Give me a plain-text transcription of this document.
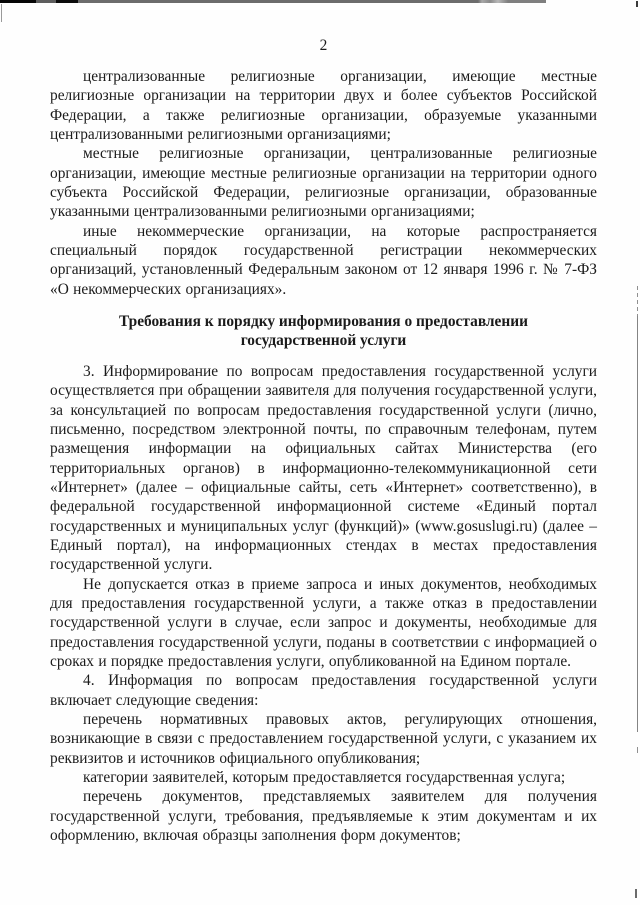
2

централизованные религиозные организации, имеющие местные религиозные организации на территории двух и более субъектов Российской Федерации, а также религиозные организации, образуемые указанными централизованными религиозными организациями;

местные религиозные организации, централизованные религиозные организации, имеющие местные религиозные организации на территории одного субъекта Российской Федерации, религиозные организации, образованные указанными централизованными религиозными организациями;

иные некоммерческие организации, на которые распространяется специальный порядок государственной регистрации некоммерческих организаций, установленный Федеральным законом от 12 января 1996 г. № 7-ФЗ «О некоммерческих организациях».

Требования к порядку информирования о предоставлении государственной услуги

3. Информирование по вопросам предоставления государственной услуги осуществляется при обращении заявителя для получения государственной услуги, за консультацией по вопросам предоставления государственной услуги (лично, письменно, посредством электронной почты, по справочным телефонам, путем размещения информации на официальных сайтах Министерства (его территориальных органов) в информационно-телекоммуникационной сети «Интернет» (далее – официальные сайты, сеть «Интернет» соответственно), в федеральной государственной информационной системе «Единый портал государственных и муниципальных услуг (функций)» (www.gosuslugi.ru) (далее – Единый портал), на информационных стендах в местах предоставления государственной услуги.

Не допускается отказ в приеме запроса и иных документов, необходимых для предоставления государственной услуги, а также отказ в предоставлении государственной услуги в случае, если запрос и документы, необходимые для предоставления государственной услуги, поданы в соответствии с информацией о сроках и порядке предоставления услуги, опубликованной на Едином портале.

4. Информация по вопросам предоставления государственной услуги включает следующие сведения:

перечень нормативных правовых актов, регулирующих отношения, возникающие в связи с предоставлением государственной услуги, с указанием их реквизитов и источников официального опубликования;

категории заявителей, которым предоставляется государственная услуга;

перечень документов, представляемых заявителем для получения государственной услуги, требования, предъявляемые к этим документам и их оформлению, включая образцы заполнения форм документов;
